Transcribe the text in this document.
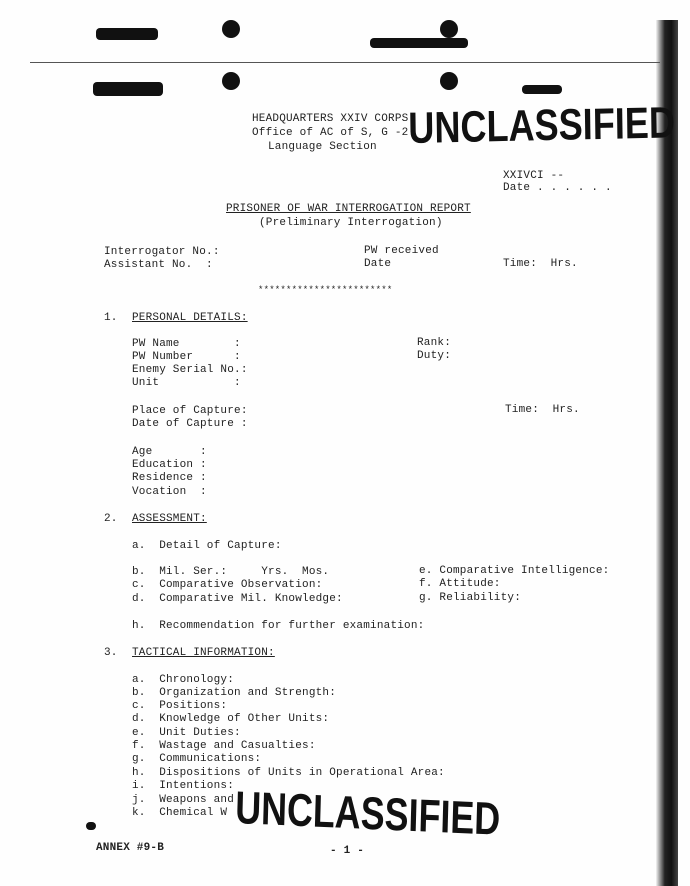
HEADQUARTERS XXIV CORPS
Office of AC of S, G -2
Language Section UNCLASSIFIED
XXIVCI --
Date . . . . . .
PRISONER OF WAR INTERROGATION REPORT
(Preliminary Interrogation)
Interrogator No.:
Assistant No.  :
PW received
Date	Time:  Hrs.
************************
1. PERSONAL DETAILS:
PW Name        :
PW Number      :
Enemy Serial No.:
Unit           :
Rank:
Duty:
Place of Capture:
Date of Capture :
Time:  Hrs.
Age       :
Education :
Residence :
Vocation  :
2. ASSESSMENT:
a.  Detail of Capture:
b.  Mil. Ser.:     Yrs.  Mos.
c.  Comparative Observation:
d.  Comparative Mil. Knowledge:
e. Comparative Intelligence:
f. Attitude:
g. Reliability:
h.  Recommendation for further examination:
3. TACTICAL INFORMATION:
a.  Chronology:
b.  Organization and Strength:
c.  Positions:
d.  Knowledge of Other Units:
e.  Unit Duties:
f.  Wastage and Casualties:
g.  Communications:
h.  Dispositions of Units in Operational Area:
i.  Intentions:
j.  Weapons and
k.  Chemical W UNCLASSIFIED
ANNEX #9-B	- 1 -
